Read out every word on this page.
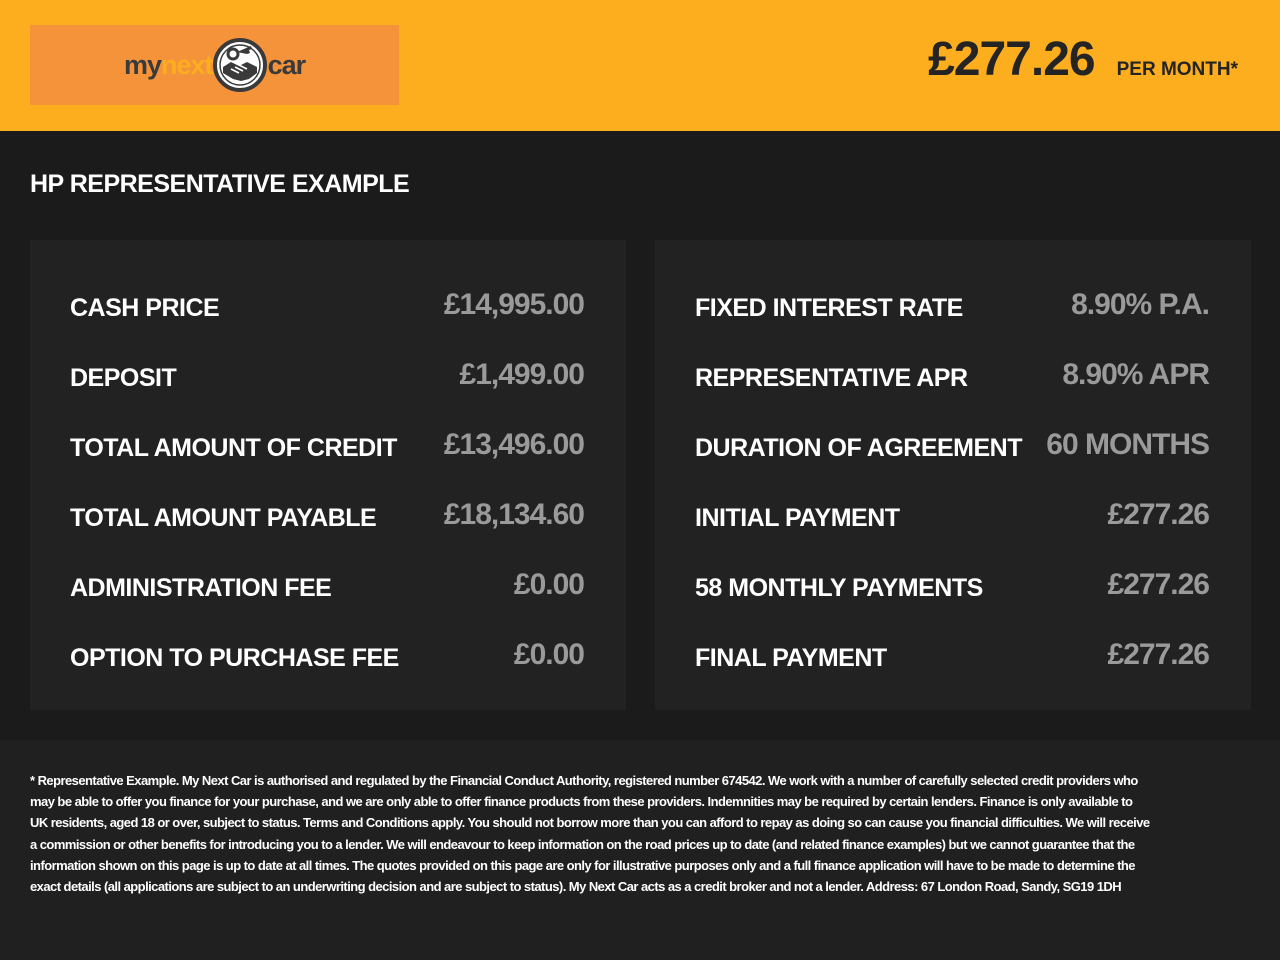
my next car	£277.26 PER MONTH*
HP REPRESENTATIVE EXAMPLE
CASH PRICE	£14,995.00
DEPOSIT	£1,499.00
TOTAL AMOUNT OF CREDIT £13,496.00
TOTAL AMOUNT PAYABLE £18,134.60
ADMINISTRATION FEE	£0.00
OPTION TO PURCHASE FEE	£0.00
FIXED INTEREST RATE	8.90% P.A.
REPRESENTATIVE APR	8.90% APR
DURATION OF AGREEMENT 60 MONTHS
INITIAL PAYMENT	£277.26
58 MONTHLY PAYMENTS	£277.26
FINAL PAYMENT	£277.26
* Representative Example. My Next Car is authorised and regulated by the Financial Conduct Authority, registered number 674542. We work with a number of carefully selected credit providers who may be able to offer you finance for your purchase, and we are only able to offer finance products from these providers. Indemnities may be required by certain lenders. Finance is only available to UK residents, aged 18 or over, subject to status. Terms and Conditions apply. You should not borrow more than you can afford to repay as doing so can cause you financial difficulties. We will receive a commission or other benefits for introducing you to a lender. We will endeavour to keep information on the road prices up to date (and related finance examples) but we cannot guarantee that the information shown on this page is up to date at all times. The quotes provided on this page are only for illustrative purposes only and a full finance application will have to be made to determine the exact details (all applications are subject to an underwriting decision and are subject to status). My Next Car acts as a credit broker and not a lender. Address: 67 London Road, Sandy, SG19 1DH
